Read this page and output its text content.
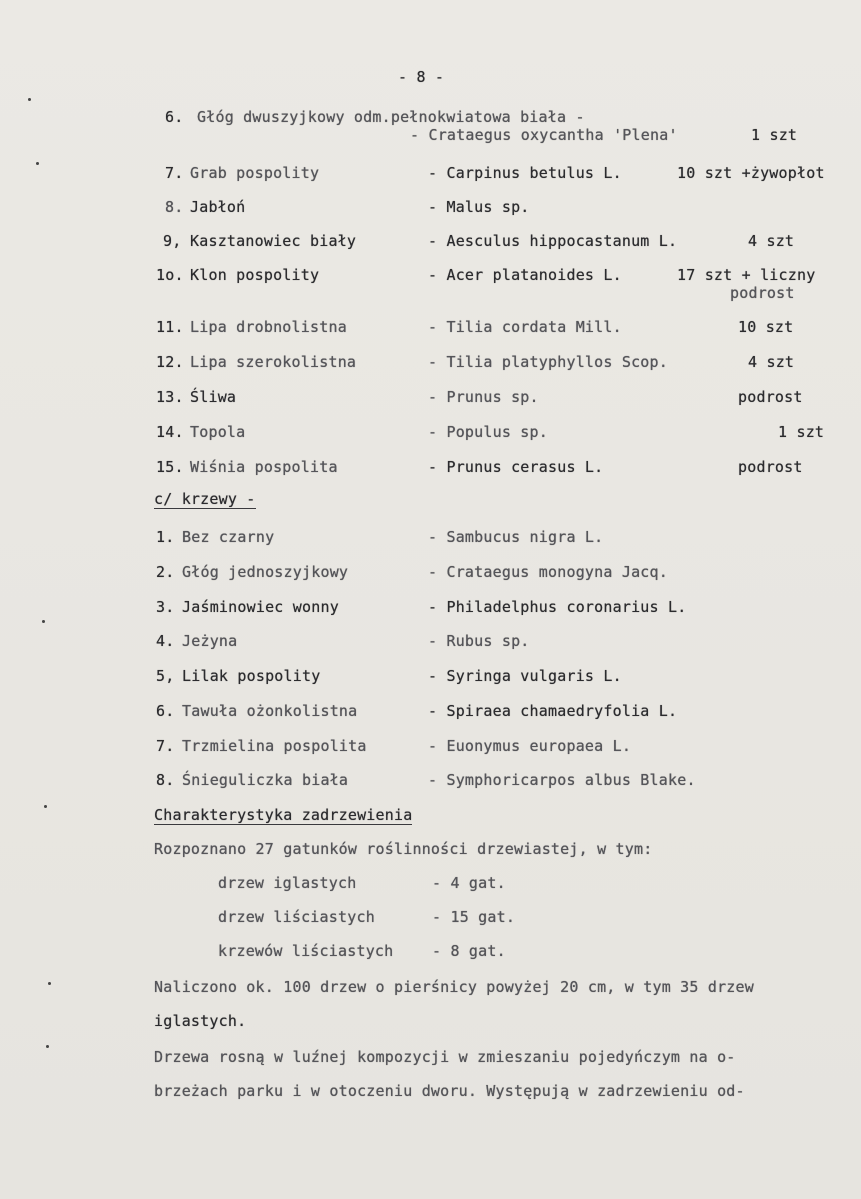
- 8 -
6. Głóg dwuszyjkowy odm.pełnokwiatowa biała -
- Crataegus oxycantha 'Plena'	1 szt
7. Grab pospolity	- Carpinus betulus L.	10 szt +żywopłot
8. Jabłoń	- Malus sp.
9, Kasztanowiec biały	- Aesculus hippocastanum L.	4 szt
1o. Klon pospolity	- Acer platanoides L.	17 szt + liczny
podrost
11. Lipa drobnolistna	- Tilia cordata Mill.	10 szt
12. Lipa szerokolistna	- Tilia platyphyllos Scop.	4 szt
13. Śliwa	- Prunus sp.	podrost
14. Topola	- Populus sp.	1 szt
15. Wiśnia pospolita	- Prunus cerasus L.	podrost
c/ krzewy -
1. Bez czarny	- Sambucus nigra L.
2. Głóg jednoszyjkowy	- Crataegus monogyna Jacq.
3. Jaśminowiec wonny	- Philadelphus coronarius L.
4. Jeżyna	- Rubus sp.
5, Lilak pospolity	- Syringa vulgaris L.
6. Tawuła ożonkolistna	- Spiraea chamaedryfolia L.
7. Trzmielina pospolita	- Euonymus europaea L.
8. Śnieguliczka biała	- Symphoricarpos albus Blake.
Charakterystyka zadrzewienia
Rozpoznano 27 gatunków roślinności drzewiastej, w tym:
drzew iglastych	- 4 gat.
drzew liściastych	- 15 gat.
krzewów liściastych	- 8 gat.
Naliczono ok. 100 drzew o pierśnicy powyżej 20 cm, w tym 35 drzew
iglastych.
Drzewa rosną w luźnej kompozycji w zmieszaniu pojedyńczym na o-
brzeżach parku i w otoczeniu dworu. Występują w zadrzewieniu od-
